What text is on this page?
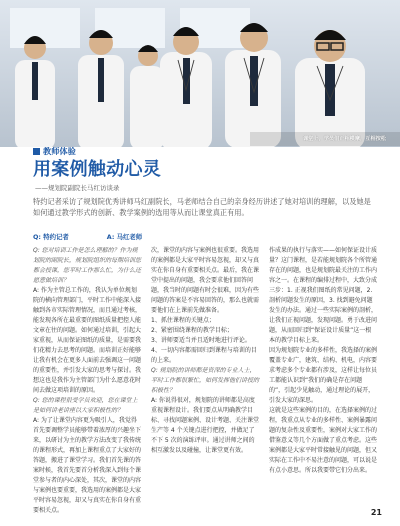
课堂上，学员们正相模摩，互相按松
教师体验
用案例触动心灵
——规划院副院长马红访谈录
特约记者采访了规划院优秀讲师马红副院长，马老师结合自己的亲身经历讲述了她对培训的理解，以及她是如何通过教学形式的创新、教学案例的选用等从而让课堂真正有用。
Q: 特约记者	A: 马红老师

Q: 您对培训工作是怎么理解的？作为规划院的副院长，规划院组织的每期培训您都会授课，您平时工作那么忙，为什么还愿意做培训？

A: 作为主管总工作的，我认为单位规划院的横向管理部门，平时工作中能深入接触到各市实际管理情况，而且通过考核，能发现各所在最重要的图纸质量把控人能文章在往的问题。如何通过培训，引起大家重视，从而保证图纸的质量，是需要我们花精力去思考的问题。而培训正好能够让我有机会在更多人面前去强调这一问题的重要性，并引发大家的思考与探讨。我想这也是我作为主管部门为什么愿意花时间去做这项培训的原因。

Q: 您的课程很受学员欢迎，您在课堂上是如何讲老讲座以大家积极性的？

A: 为了让课堂内容更为吸引人，我觉得首先要调整学员能够带着浓厚的兴趣坐下来，以研讨为主的教学方法改变了我传统的课程形式，再加上课程重点了大家好的答题，搬进了课堂学习。我们首先课的答案时候，我首先要首分析我深入到每个课堂参与者的内心深处，其次，课堂的内容与案例也要重要，我选用的案例都是大家平时容易忽视，却又与真实在你自身有重要相关点。

次，课堂的内容与案例也很重要。我选用的案例都是大家平时容易忽视，却又与真实在你自身有重要相关点。最后，我在课堂中提出的问题，我会要求他们回答问题，我当时的问题有时会很难，因为有些问题的答案是不容易回答的，那么也就需要他们在上课前先做准备。

1、抓住课程的关键点；

2、紧密围绕课程的教学目标；

3、讲师要适当并且适时地进行评论。

4、一切内容都需回归到课程与培训的目的上来。

Q: 规划院的讲师都是资深的专业人士，平时工作都很繁忙，如何发挥他们讲授的积极性？

A: 你说得很对，规划院的讲师都是高度重视课程设计。我们要点从明确教学目标、寻找问题案例、设计考题、关注课堂生产等 4 个关键点进行把控，并做足了不下 5 次的演练评审。通过讲师之间的相互激发以及碰撞，让课堂更有效。

作成果的执行与落实——如何保证设计质量？这门课程，是若能规划院各个所管通存在的问题，也是规划院最关注的工作内容之一。在课程的编排过程中，大致分成三步：1. 正视我们图纸的常见问题，2. 剖析问题发生的原因，3. 找到避免问题发生的办法。通过一些实际案例的剖析，让我们正视问题，发现问题。勇于改进问题，从而回归到“保证设计质量”这一根本的教学目标上来。

因为规划院专业的多样性，我选择的案例覆盖专业广，建筑、结构、机电，内容要求考虑多个专业都有涉及，这样让每位员工都能认识到“我们的确是存在问题的”，引起少见触动，通过理论的展开，引发大家的深思。

这就是这些案例的目的，在选择案例的过程，我重点从专业的多样性、案例暴露问题的复杂性及重要性，案例对大家工作的借鉴意义等几个方面做了重点考虑。这些案例都是大家平时常接触见的问题，但又实际在工作中不易注意的问题，可以说是有点小意思。所以我要带它们分出来。

21
